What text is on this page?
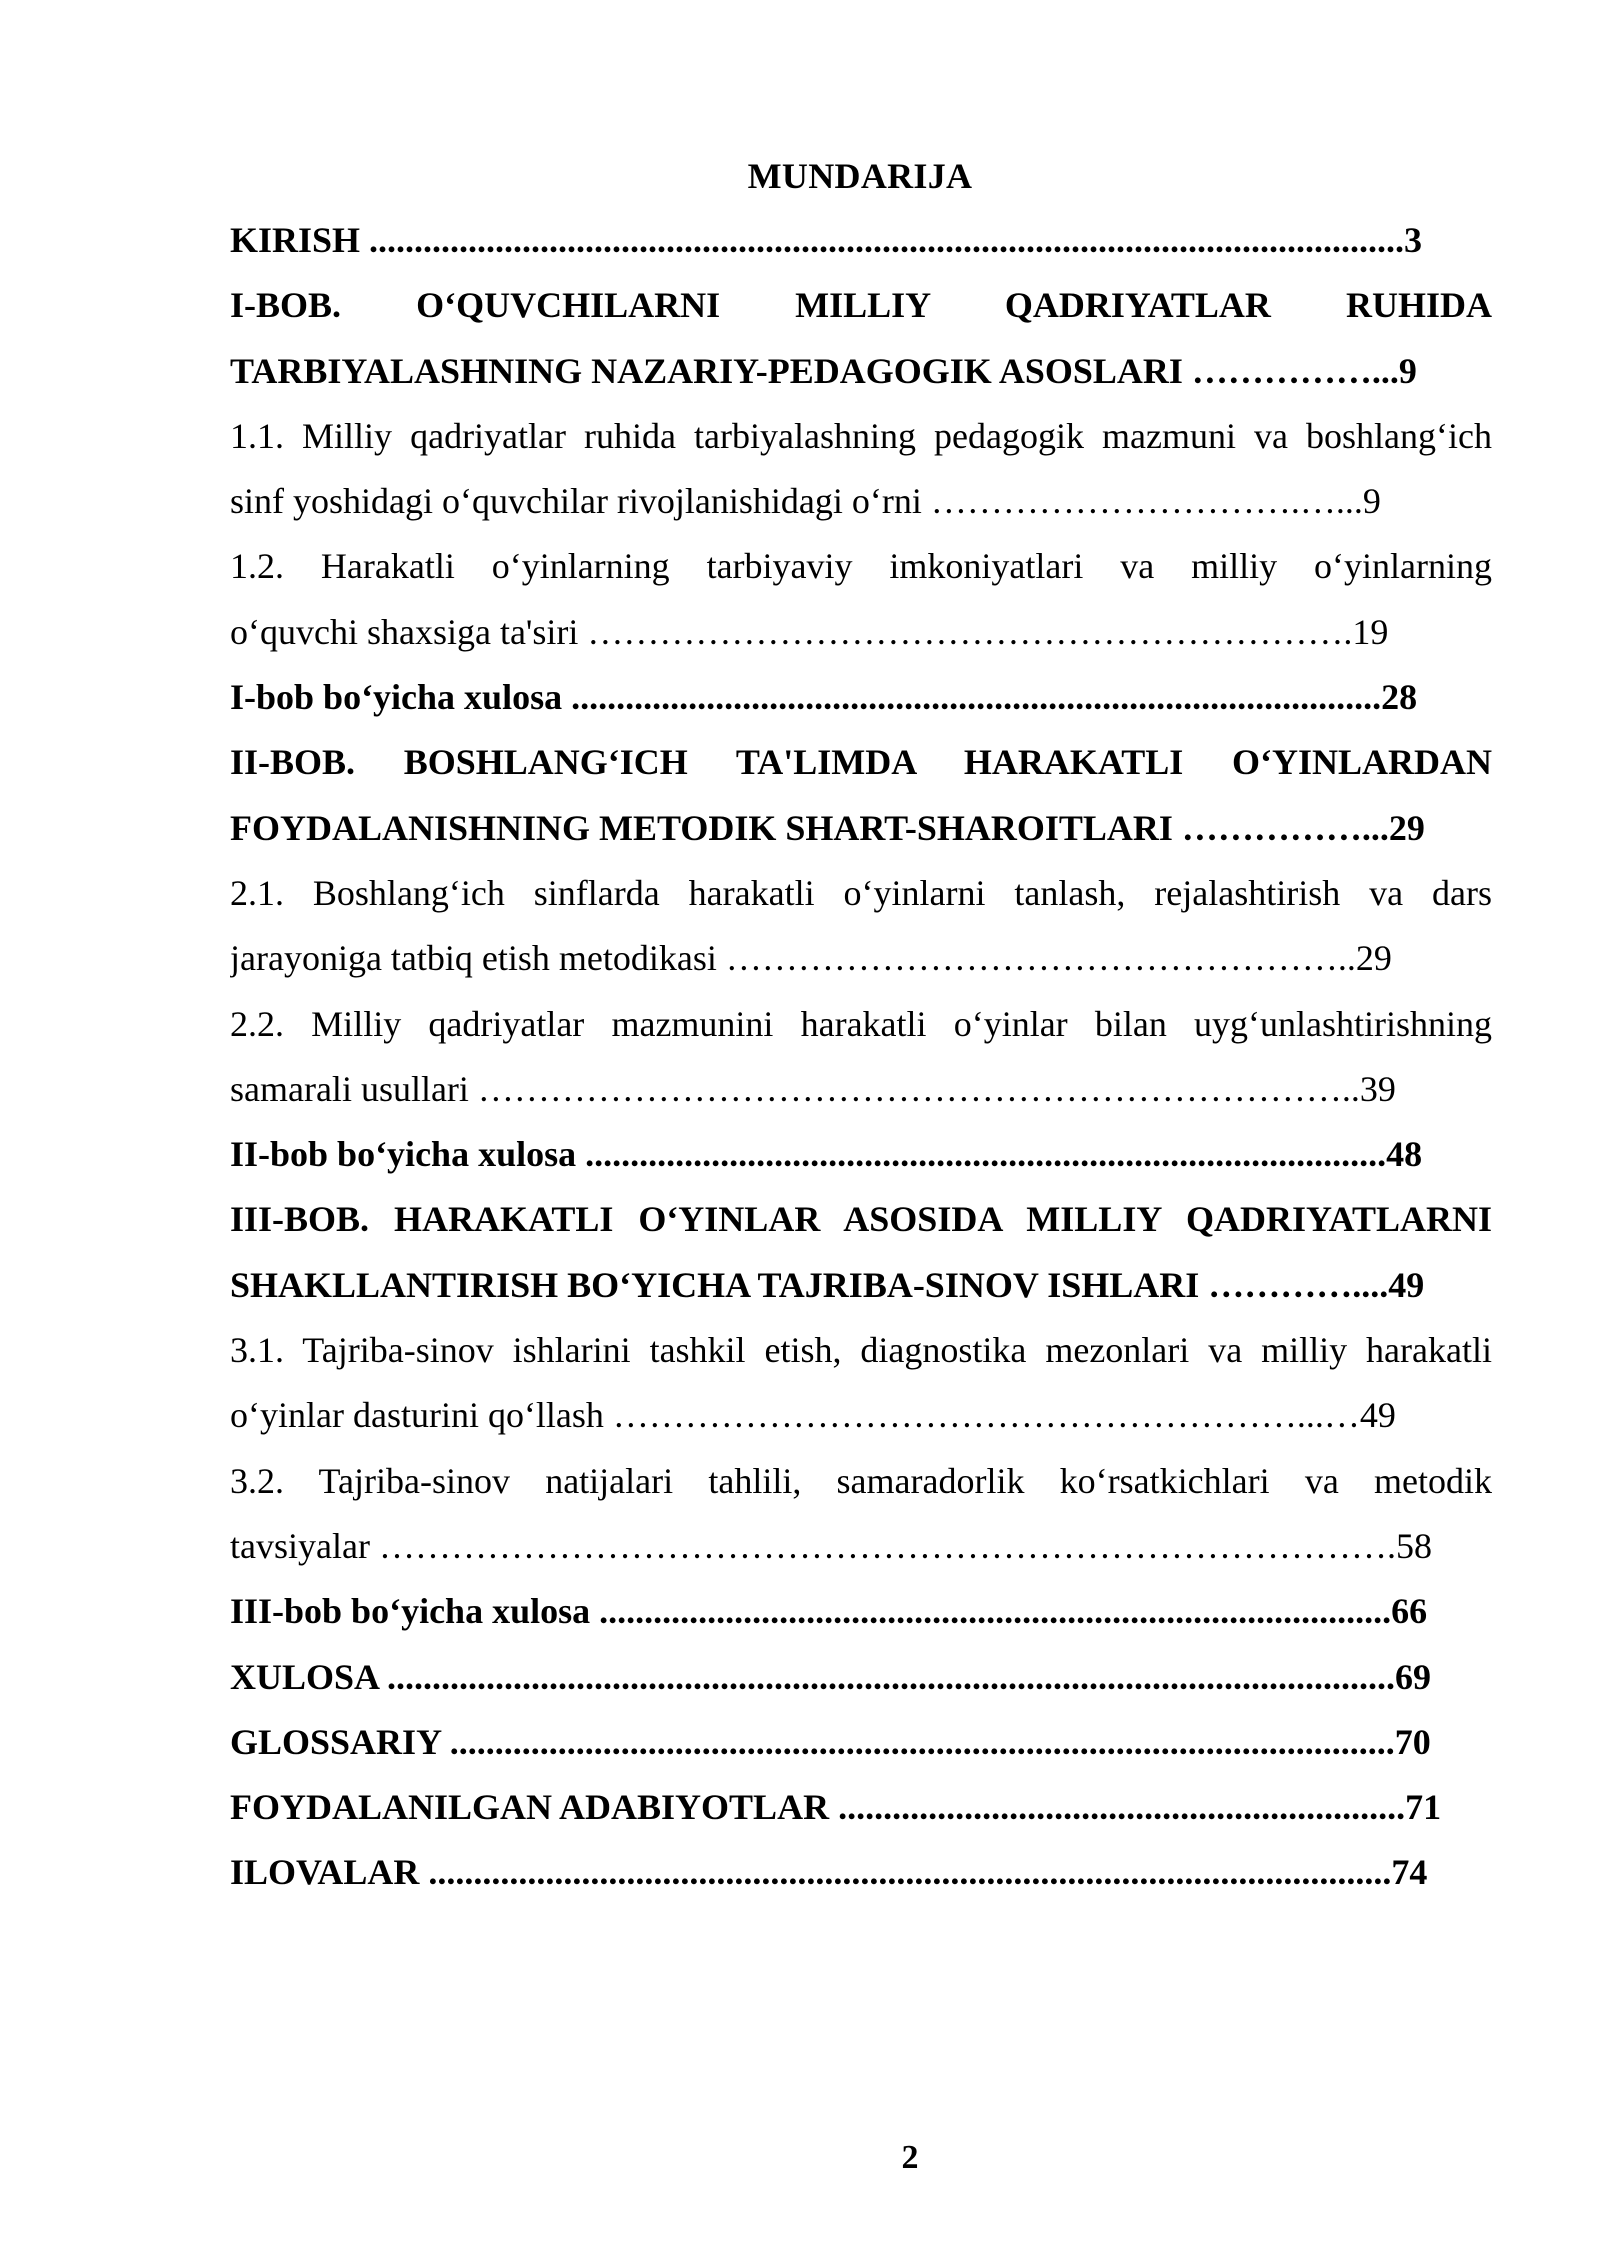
MUNDARIJA
KIRISH ...................................................................................................................3
I-BOB. O‘QUVCHILARNI MILLIY QADRIYATLAR RUHIDA
TARBIYALASHNING NAZARIY-PEDAGOGIK ASOSLARI ……………...9
1.1. Milliy qadriyatlar ruhida tarbiyalashning pedagogik mazmuni va boshlang‘ich
sinf yoshidagi o‘quvchilar rivojlanishidagi o‘rni ………………………….…...9
1.2. Harakatli o‘yinlarning tarbiyaviy imkoniyatlari va milliy o‘yinlarning
o‘quvchi shaxsiga ta'siri ……………………………………………………….19
I-bob bo‘yicha xulosa ..........................................................................................28
II-BOB. BOSHLANG‘ICH TA'LIMDA HARAKATLI O‘YINLARDAN
FOYDALANISHNING METODIK SHART-SHAROITLARI ……………...29
2.1. Boshlang‘ich sinflarda harakatli o‘yinlarni tanlash, rejalashtirish va dars
jarayoniga tatbiq etish metodikasi ……………………………………………..29
2.2. Milliy qadriyatlar mazmunini harakatli o‘yinlar bilan uyg‘unlashtirishning
samarali usullari ………………………………………………………………..39
II-bob bo‘yicha xulosa .........................................................................................48
III-BOB. HARAKATLI O‘YINLAR ASOSIDA MILLIY QADRIYATLARNI
SHAKLLANTIRISH BO‘YICHA TAJRIBA-SINOV ISHLARI …………....49
3.1. Tajriba-sinov ishlarini tashkil etish, diagnostika mezonlari va milliy harakatli
o‘yinlar dasturini qo‘llash …………………………………………………...…49
3.2. Tajriba-sinov natijalari tahlili, samaradorlik ko‘rsatkichlari va metodik
tavsiyalar ………………………………………………………………………….58
III-bob bo‘yicha xulosa ........................................................................................66
XULOSA ................................................................................................................69
GLOSSARIY .........................................................................................................70
FOYDALANILGAN ADABIYOTLAR ...............................................................71
ILOVALAR ...........................................................................................................74
2
